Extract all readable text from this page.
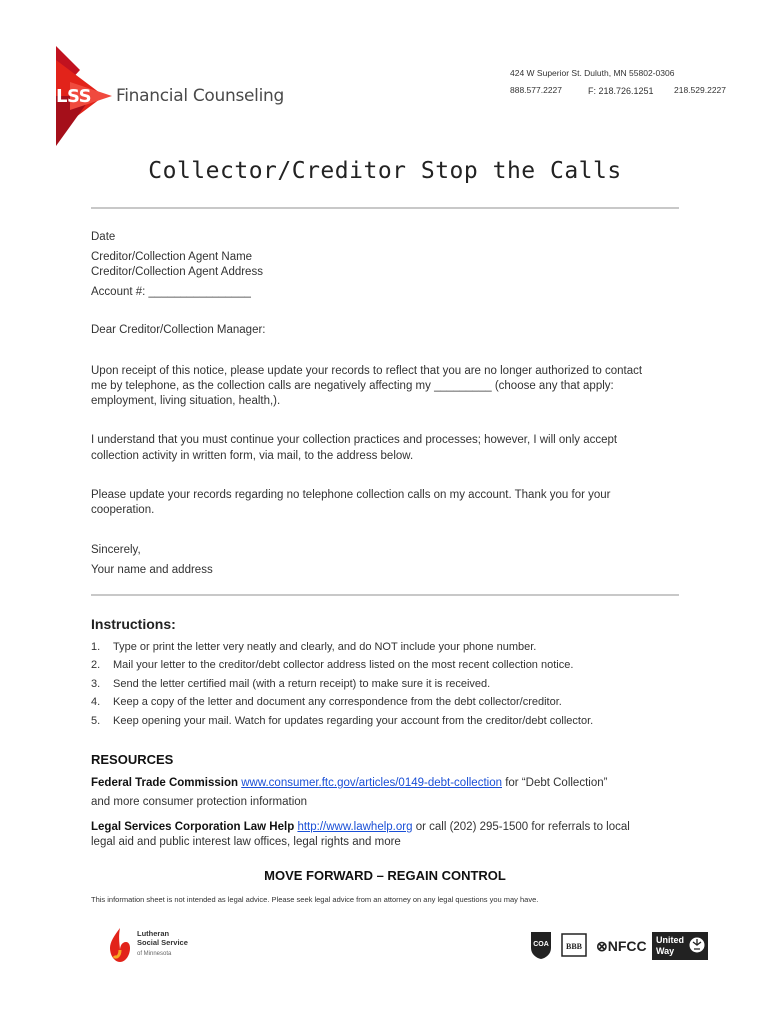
LSS Financial Counseling
424 W Superior St. Duluth, MN 55802-0306
888.577.2227	F: 218.726.1251 218.529.2227
Collector/Creditor Stop the Calls
Date
Creditor/Collection Agent Name
Creditor/Collection Agent Address
Account #: ________________
Dear Creditor/Collection Manager:
Upon receipt of this notice, please update your records to reflect that you are no longer authorized to contact
me by telephone, as the collection calls are negatively affecting my _________ (choose any that apply:
employment, living situation, health,).
I understand that you must continue your collection practices and processes; however, I will only accept
collection activity in written form, via mail, to the address below.
Please update your records regarding no telephone collection calls on my account. Thank you for your
cooperation.
Sincerely,
Your name and address
Instructions:
1. Type or print the letter very neatly and clearly, and do NOT include your phone number.
2. Mail your letter to the creditor/debt collector address listed on the most recent collection notice.
3. Send the letter certified mail (with a return receipt) to make sure it is received.
4. Keep a copy of the letter and document any correspondence from the debt collector/creditor.
5. Keep opening your mail. Watch for updates regarding your account from the creditor/debt collector.
RESOURCES
Federal Trade Commission www.consumer.ftc.gov/articles/0149-debt-collection for “Debt Collection”
and more consumer protection information
Legal Services Corporation Law Help http://www.lawhelp.org or call (202) 295-1500 for referrals to local
legal aid and public interest law offices, legal rights and more
MOVE FORWARD – REGAIN CONTROL
This information sheet is not intended as legal advice. Please seek legal advice from an attorney on any legal questions you may have.
Lutheran
Social Service
of Minnesota
COA BBB ⊗NFCC United
Way
